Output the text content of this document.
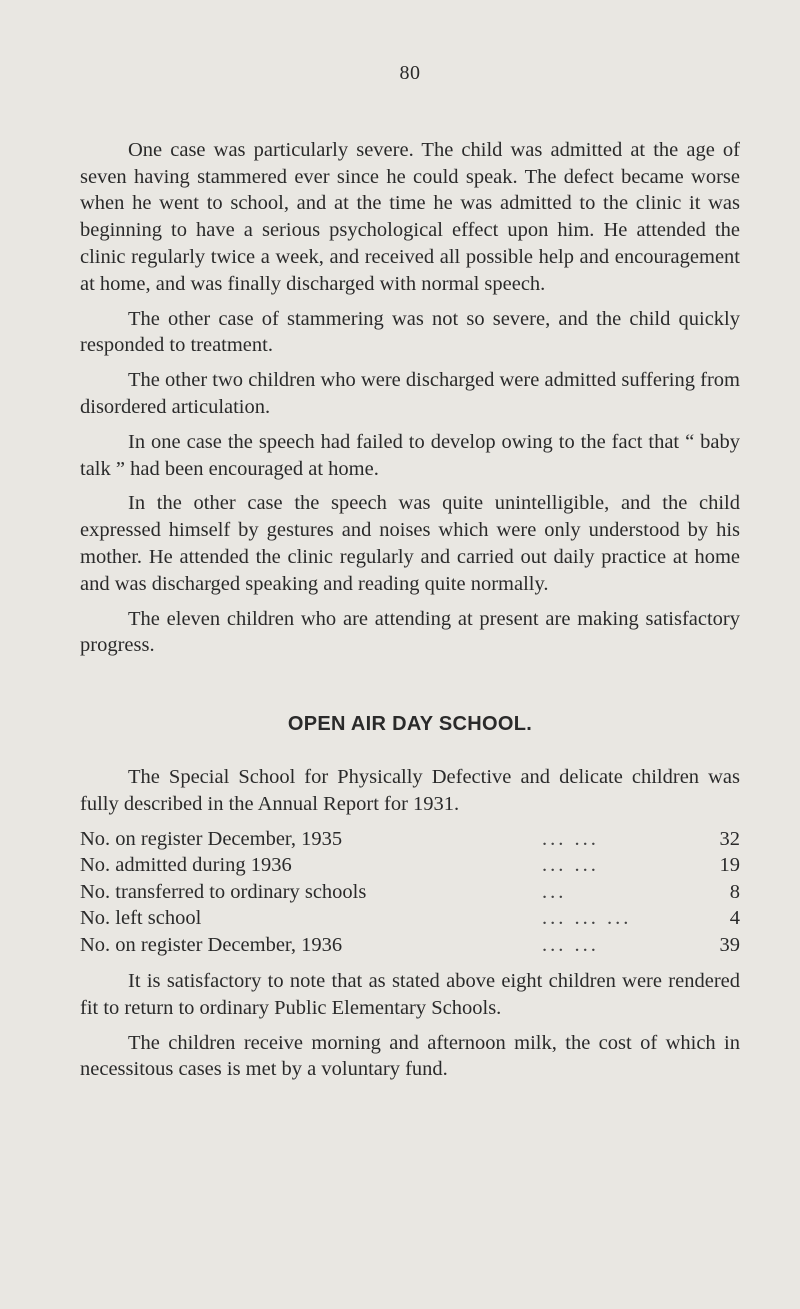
80

One case was particularly severe. The child was admitted at the age of seven having stammered ever since he could speak. The defect became worse when he went to school, and at the time he was admitted to the clinic it was beginning to have a serious psychological effect upon him. He attended the clinic regularly twice a week, and received all possible help and encouragement at home, and was finally discharged with normal speech.

The other case of stammering was not so severe, and the child quickly responded to treatment.

The other two children who were discharged were admitted suffering from disordered articulation.

In one case the speech had failed to develop owing to the fact that “ baby talk ” had been encouraged at home.

In the other case the speech was quite unintelligible, and the child expressed himself by gestures and noises which were only understood by his mother. He attended the clinic regularly and carried out daily practice at home and was discharged speaking and reading quite normally.

The eleven children who are attending at present are making satisfactory progress.

OPEN AIR DAY SCHOOL.

The Special School for Physically Defective and delicate children was fully described in the Annual Report for 1931.

No. on register December, 1935	... ...	32
No. admitted during 1936	... ...	19
No. transferred to ordinary schools	...	8
No. left school	... ... ...	4
No. on register December, 1936	... ...	39

It is satisfactory to note that as stated above eight children were rendered fit to return to ordinary Public Elementary Schools.

The children receive morning and afternoon milk, the cost of which in necessitous cases is met by a voluntary fund.
